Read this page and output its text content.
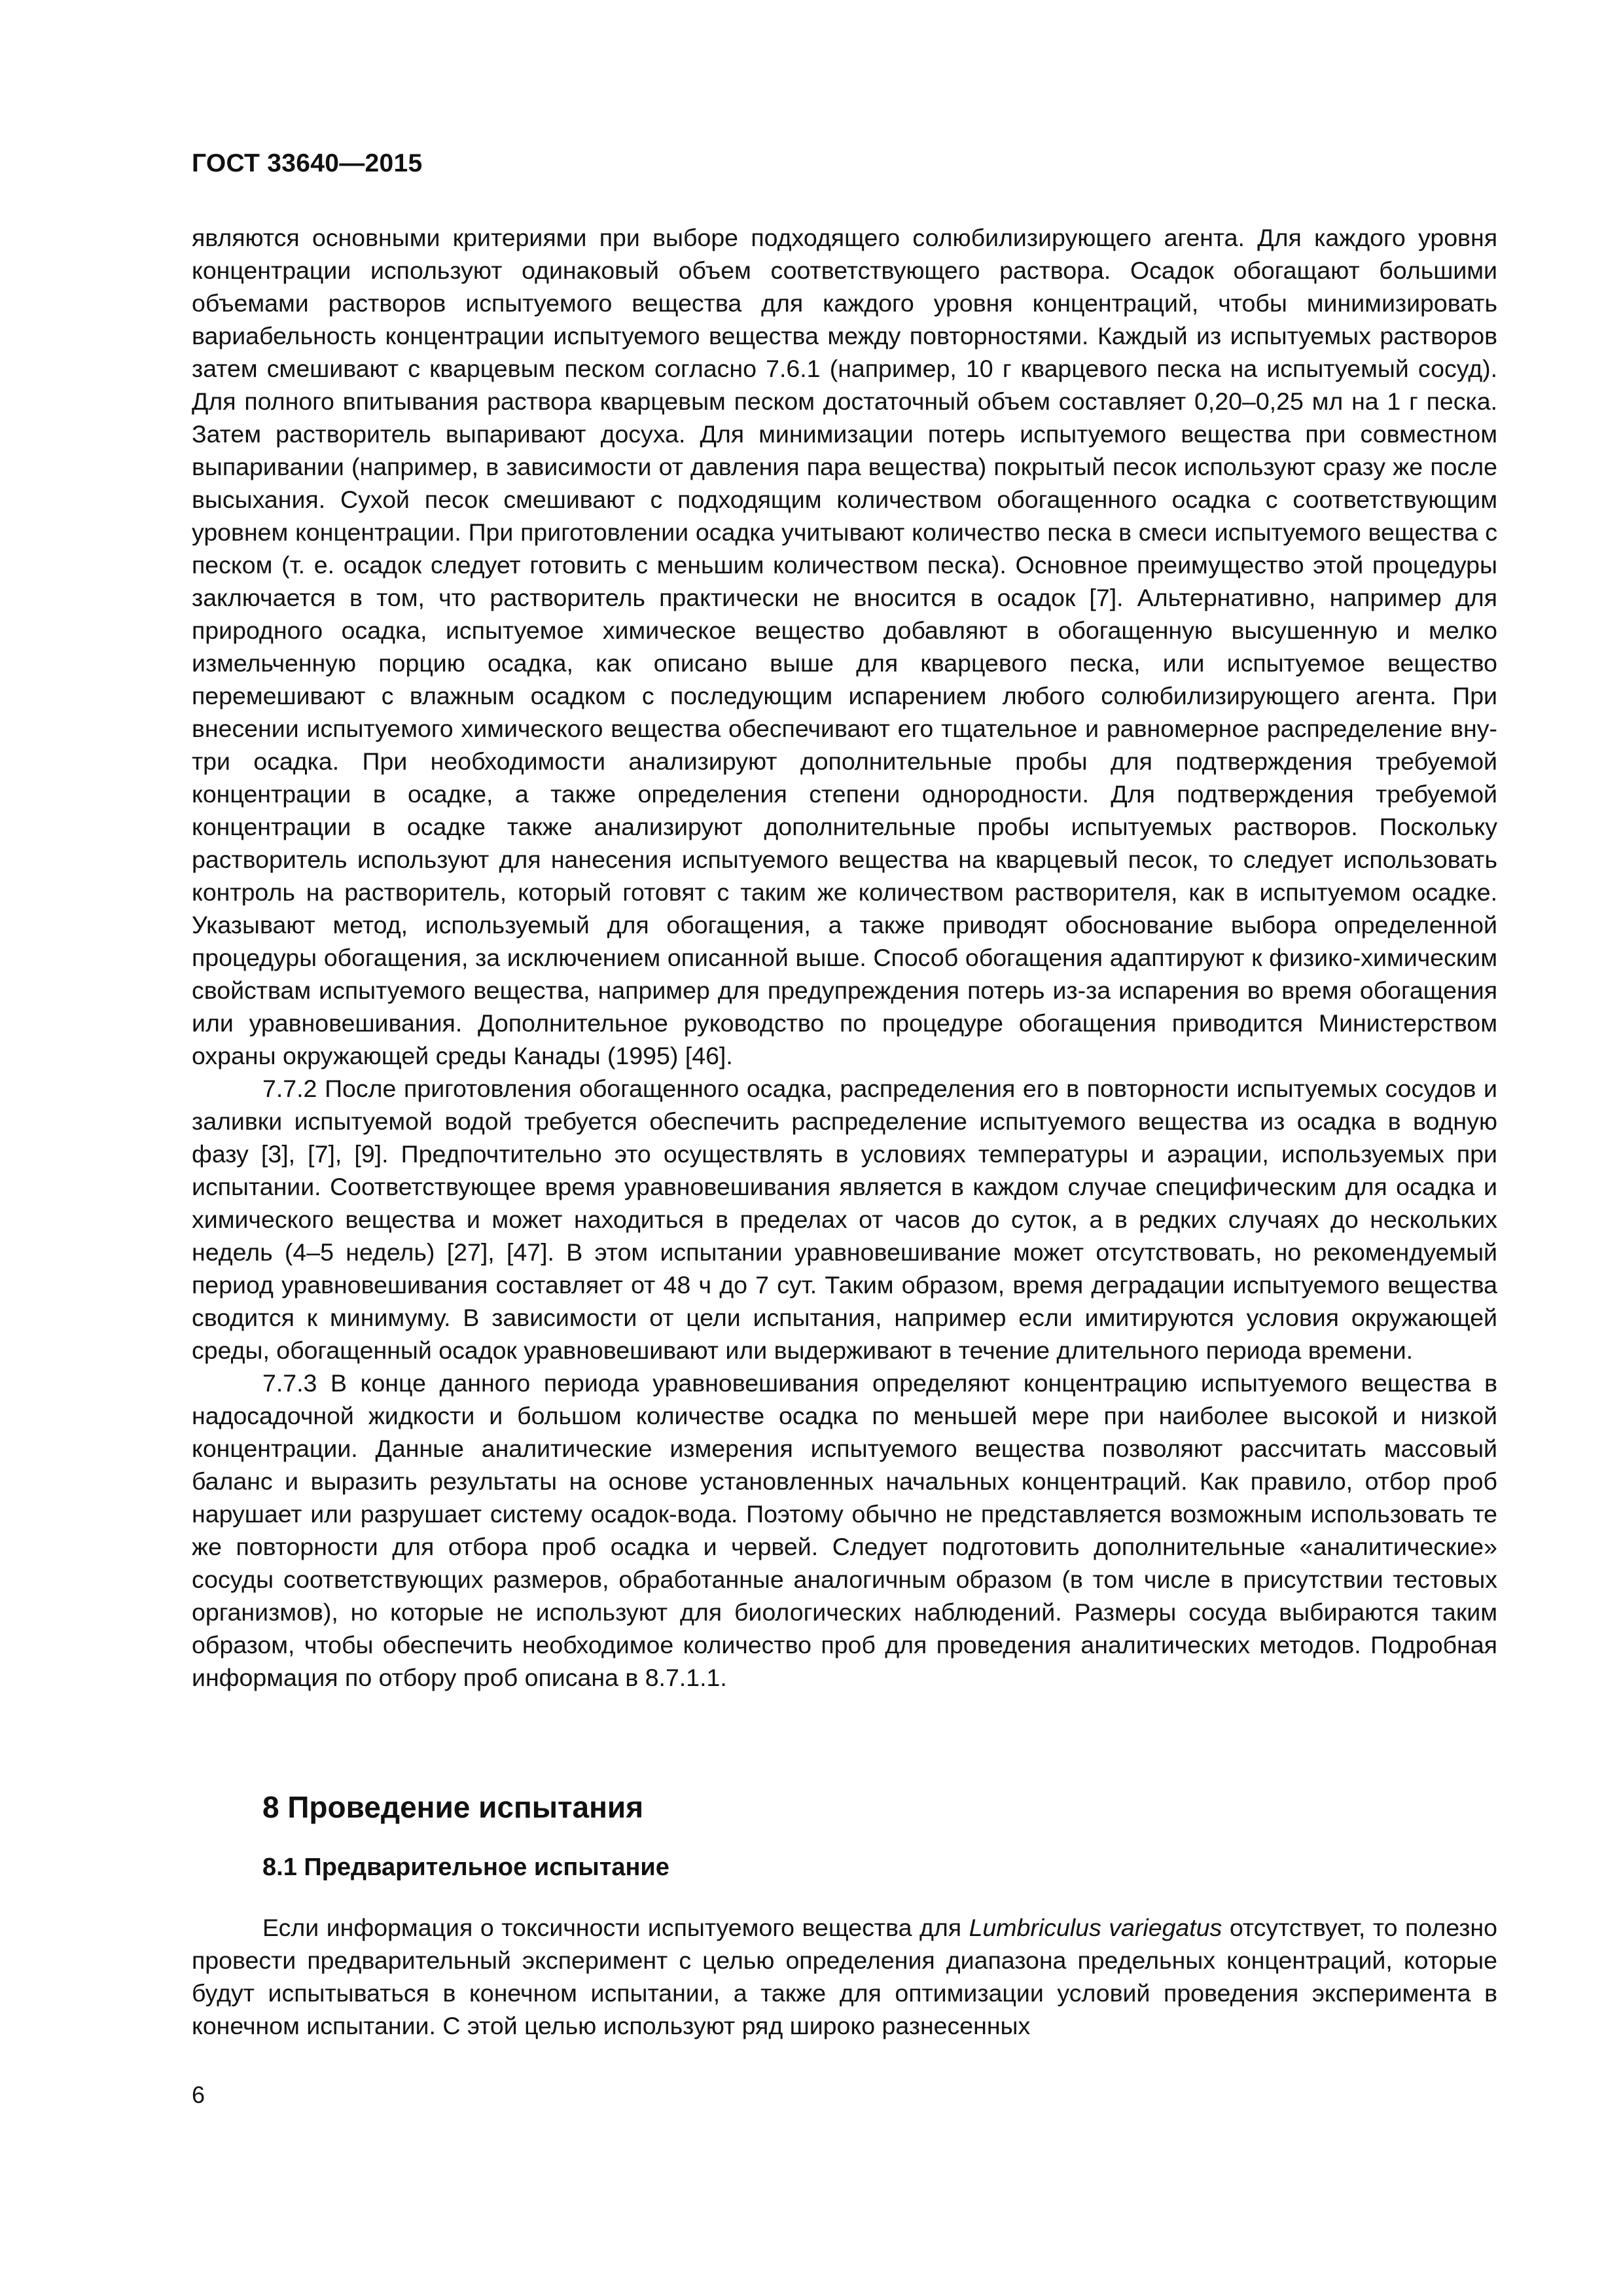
ГОСТ 33640—2015

являются основными критериями при выборе подходящего солюбилизирующего агента. Для каждого уровня концентрации используют одинаковый объем соответствующего раствора. Осадок обогащают большими объемами растворов испытуемого вещества для каждого уровня концентраций, чтобы минимизировать вариабельность концентрации испытуемого вещества между повторностями. Каждый из испытуемых растворов затем смешивают с кварцевым песком согласно 7.6.1 (например, 10 г кварцевого песка на испытуемый сосуд). Для полного впитывания раствора кварцевым песком достаточный объем составляет 0,20–0,25 мл на 1 г песка. Затем растворитель выпаривают досуха. Для минимизации потерь испытуемого вещества при совместном выпаривании (например, в зависимости от давления пара вещества) покрытый песок используют сразу же после высыхания. Сухой песок смешивают с подходящим количеством обогащенного осадка с соответствующим уровнем концентрации. При приготовлении осадка учитывают количество песка в смеси испытуемого вещества с песком (т. е. осадок следует готовить с меньшим количеством песка). Основное преимущество этой процедуры заключается в том, что растворитель практически не вносится в осадок [7]. Альтернативно, например для природного осадка, испытуемое химическое вещество добавляют в обогащенную высушенную и мелко измельченную порцию осадка, как описано выше для кварцевого песка, или испытуемое вещество перемешивают с влажным осадком с последующим испарением любого солюбилизирующего агента. При внесении испытуемого химического вещества обеспечивают его тщательное и равномерное распределение внутри осадка. При необходимости анализируют дополнительные пробы для подтверждения требуемой концентрации в осадке, а также определения степени однородности. Для подтверждения требуемой концентрации в осадке также анализируют дополнительные пробы испытуемых растворов. Поскольку растворитель используют для нанесения испытуемого вещества на кварцевый песок, то следует использовать контроль на растворитель, который готовят с таким же количеством растворителя, как в испытуемом осадке. Указывают метод, используемый для обогащения, а также приводят обоснование выбора определенной процедуры обогащения, за исключением описанной выше. Способ обогащения адаптируют к физико-химическим свойствам испытуемого вещества, например для предупреждения потерь из-за испарения во время обогащения или уравновешивания. Дополнительное руководство по процедуре обогащения приводится Министерством охраны окружающей среды Канады (1995) [46].

7.7.2 После приготовления обогащенного осадка, распределения его в повторности испытуемых сосудов и заливки испытуемой водой требуется обеспечить распределение испытуемого вещества из осадка в водную фазу [3], [7], [9]. Предпочтительно это осуществлять в условиях температуры и аэрации, используемых при испытании. Соответствующее время уравновешивания является в каждом случае специфическим для осадка и химического вещества и может находиться в пределах от часов до суток, а в редких случаях до нескольких недель (4–5 недель) [27], [47]. В этом испытании уравновешивание может отсутствовать, но рекомендуемый период уравновешивания составляет от 48 ч до 7 сут. Таким образом, время деградации испытуемого вещества сводится к минимуму. В зависимости от цели испытания, например если имитируются условия окружающей среды, обогащенный осадок уравновешивают или выдерживают в течение длительного периода времени.

7.7.3 В конце данного периода уравновешивания определяют концентрацию испытуемого вещества в надосадочной жидкости и большом количестве осадка по меньшей мере при наиболее высокой и низкой концентрации. Данные аналитические измерения испытуемого вещества позволяют рассчитать массовый баланс и выразить результаты на основе установленных начальных концентраций. Как правило, отбор проб нарушает или разрушает систему осадок-вода. Поэтому обычно не представляется возможным использовать те же повторности для отбора проб осадка и червей. Следует подготовить дополнительные «аналитические» сосуды соответствующих размеров, обработанные аналогичным образом (в том числе в присутствии тестовых организмов), но которые не используют для биологических наблюдений. Размеры сосуда выбираются таким образом, чтобы обеспечить необходимое количество проб для проведения аналитических методов. Подробная информация по отбору проб описана в 8.7.1.1.

8 Проведение испытания
8.1 Предварительное испытание

Если информация о токсичности испытуемого вещества для Lumbriculus variegatus отсутствует, то полезно провести предварительный эксперимент с целью определения диапазона предельных концентраций, которые будут испытываться в конечном испытании, а также для оптимизации условий проведения эксперимента в конечном испытании. С этой целью используют ряд широко разнесенных

6
